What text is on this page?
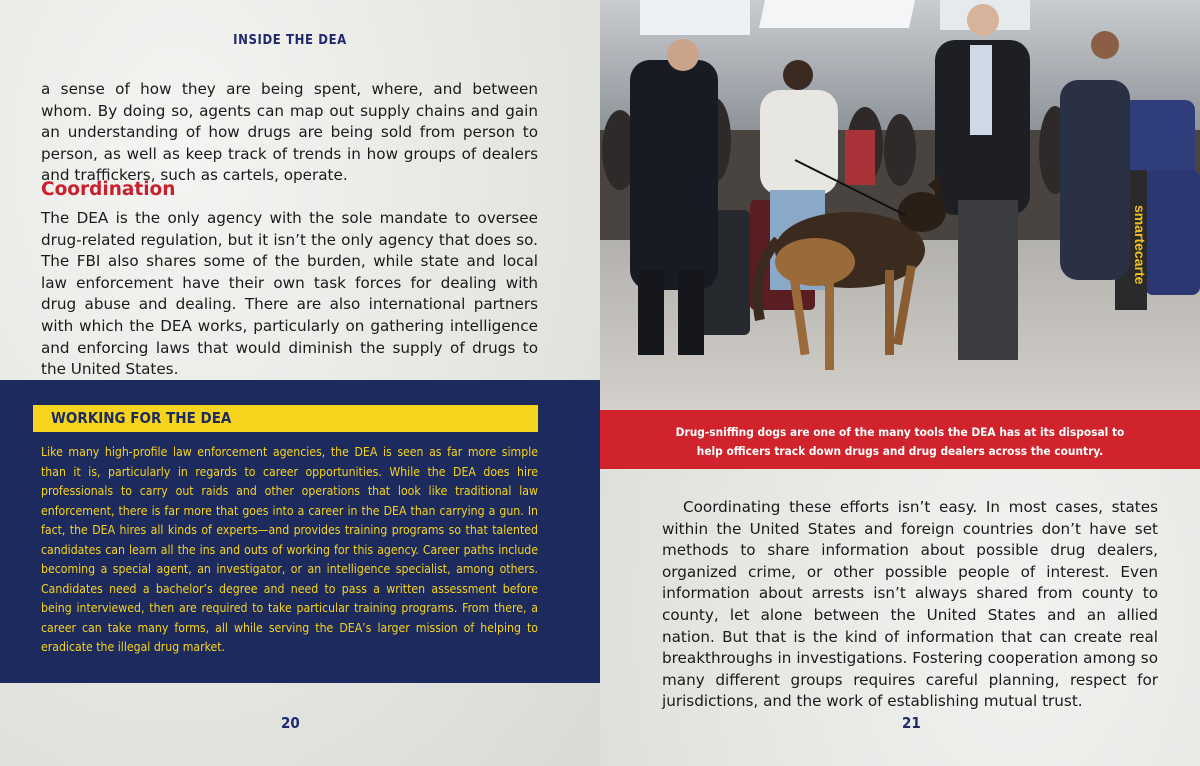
INSIDE THE DEA

a sense of how they are being spent, where, and between whom. By doing so, agents can map out supply chains and gain an understanding of how drugs are being sold from person to person, as well as keep track of trends in how groups of dealers and traffickers, such as cartels, operate.

Coordination

The DEA is the only agency with the sole mandate to oversee drug-related regulation, but it isn’t the only agency that does so. The FBI also shares some of the burden, while state and local law enforcement have their own task forces for dealing with drug abuse and dealing. There are also international partners with which the DEA works, particularly on gathering intelligence and enforcing laws that would diminish the supply of drugs to the United States.

WORKING FOR THE DEA

Like many high-profile law enforcement agencies, the DEA is seen as far more simple than it is, particularly in regards to career opportunities. While the DEA does hire professionals to carry out raids and other operations that look like traditional law enforcement, there is far more that goes into a career in the DEA than carrying a gun. In fact, the DEA hires all kinds of experts—and provides training programs so that talented candidates can learn all the ins and outs of working for this agency. Career paths include becoming a special agent, an investigator, or an intelligence specialist, among others. Candidates need a bachelor’s degree and need to pass a written assessment before being interviewed, then are required to take particular training programs. From there, a career can take many forms, all while serving the DEA’s larger mission of helping to eradicate the illegal drug market.

20
smartecarte

Drug-sniffing dogs are one of the many tools the DEA has at its disposal to
help officers track down drugs and drug dealers across the country.

Coordinating these efforts isn’t easy. In most cases, states within the United States and foreign countries don’t have set methods to share information about possible drug dealers, organized crime, or other possible people of interest. Even information about arrests isn’t always shared from county to county, let alone between the United States and an allied nation. But that is the kind of information that can create real breakthroughs in investigations. Fostering cooperation among so many different groups requires careful planning, respect for jurisdictions, and the work of establishing mutual trust.

21
